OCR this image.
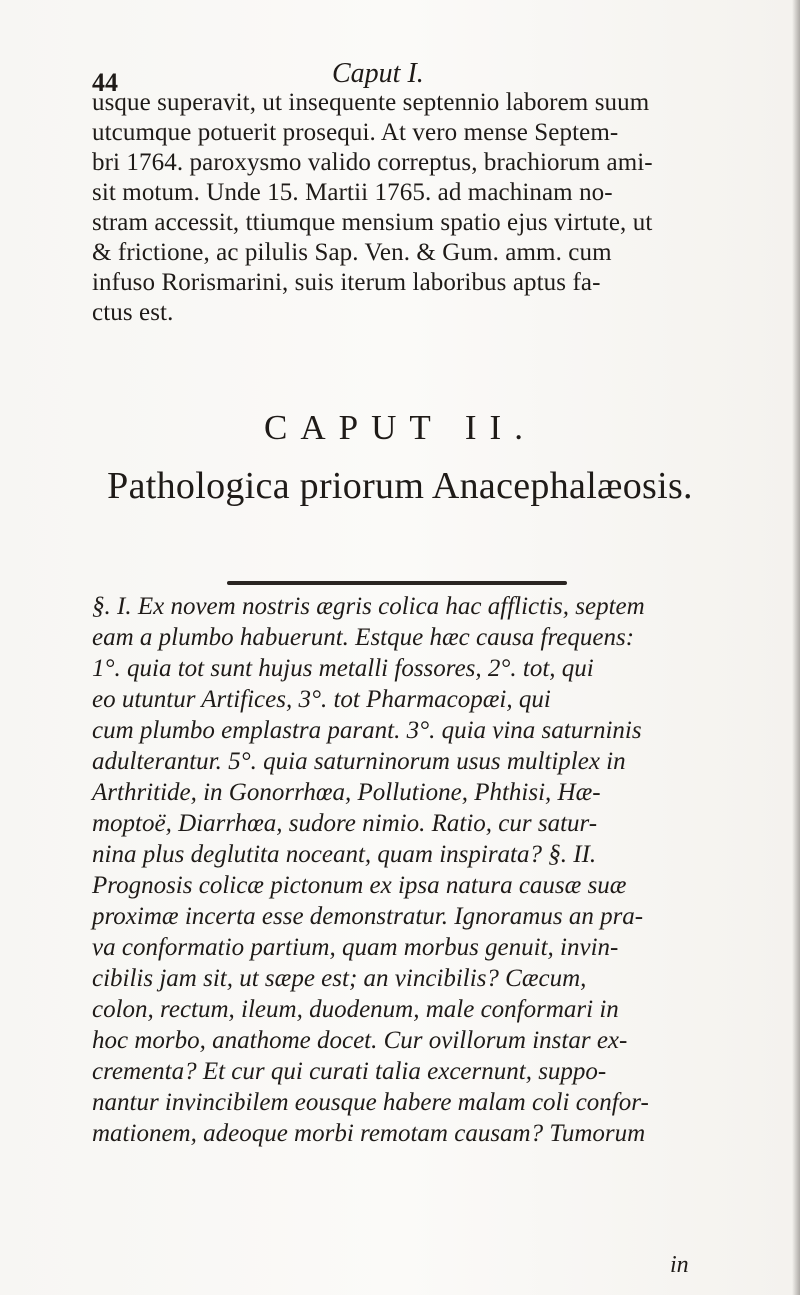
44	Caput I.
usque superavit, ut insequente septennio laborem suum
utcumque potuerit prosequi. At vero mense Septem-
bri 1764. paroxysmo valido correptus, brachiorum ami-
sit motum. Unde 15. Martii 1765. ad machinam no-
stram accessit, ttiumque mensium spatio ejus virtute, ut
& frictione, ac pilulis Sap. Ven. & Gum. amm. cum
infuso Rorismarini, suis iterum laboribus aptus fa-
ctus est.
CAPUT II.
Pathologica priorum Anacephalæosis.
§. I. Ex novem nostris ægris colica hac afflictis, septem
eam a plumbo habuerunt. Estque hæc causa frequens:
1°. quia tot sunt hujus metalli fossores, 2°. tot, qui
eo utuntur Artifices, 3°. tot Pharmacopæi, qui
cum plumbo emplastra parant. 3°. quia vina saturninis
adulterantur. 5°. quia saturninorum usus multiplex in
Arthritide, in Gonorrhœa, Pollutione, Phthisi, Hæ-
moptoë, Diarrhœa, sudore nimio. Ratio, cur satur-
nina plus deglutita noceant, quam inspirata? §. II.
Prognosis colicæ pictonum ex ipsa natura causæ suæ
proximæ incerta esse demonstratur. Ignoramus an pra-
va conformatio partium, quam morbus genuit, invin-
cibilis jam sit, ut sæpe est; an vincibilis? Cæcum,
colon, rectum, ileum, duodenum, male conformari in
hoc morbo, anathome docet. Cur ovillorum instar ex-
crementa? Et cur qui curati talia excernunt, suppo-
nantur invincibilem eousque habere malam coli confor-
mationem, adeoque morbi remotam causam? Tumorum
in
